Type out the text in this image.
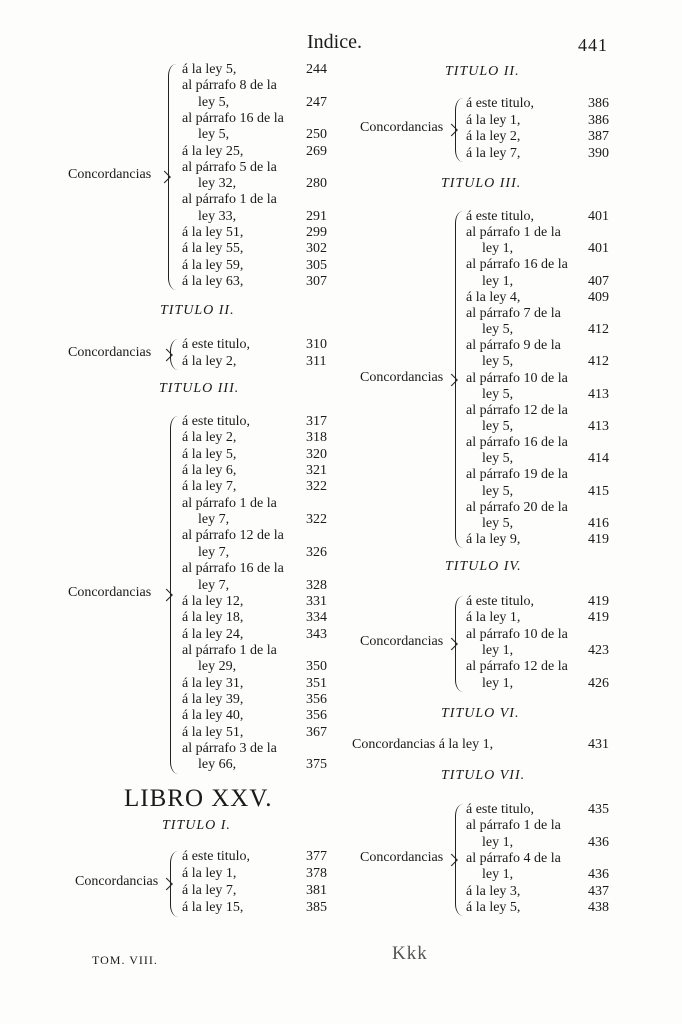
Indice.	441
Concordancias
á la ley 5,	244
al párrafo 8 de la
ley 5,	247
al párrafo 16 de la
ley 5,	250
á la ley 25,	269
al párrafo 5 de la
ley 32,	280
al párrafo 1 de la
ley 33,	291
á la ley 51,	299
á la ley 55,	302
á la ley 59,	305
á la ley 63,	307
TITULO II.
Concordancias á este titulo,	310
á la ley 2,	311
TITULO III.
Concordancias
á este titulo,	317
á la ley 2,	318
á la ley 5,	320
á la ley 6,	321
á la ley 7,	322
al párrafo 1 de la
ley 7,	322
al párrafo 12 de la
ley 7,	326
al párrafo 16 de la
ley 7,	328
á la ley 12,	331
á la ley 18,	334
á la ley 24,	343
al párrafo 1 de la
ley 29,	350
á la ley 31,	351
á la ley 39,	356
á la ley 40,	356
á la ley 51,	367
al párrafo 3 de la
ley 66,	375
LIBRO XXV.
TITULO I.
Concordancias
á este titulo,	377
á la ley 1,	378
á la ley 7,	381
á la ley 15,	385
TITULO II.
Concordancias
á este titulo,	386
á la ley 1,	386
á la ley 2,	387
á la ley 7,	390
TITULO III.
Concordancias
á este titulo,	401
al párrafo 1 de la
ley 1,	401
al párrafo 16 de la
ley 1,	407
á la ley 4,	409
al párrafo 7 de la
ley 5,	412
al párrafo 9 de la
ley 5,	412
al párrafo 10 de la
ley 5,	413
al párrafo 12 de la
ley 5,	413
al párrafo 16 de la
ley 5,	414
al párrafo 19 de la
ley 5,	415
al párrafo 20 de la
ley 5,	416
á la ley 9,	419
TITULO IV.
Concordancias
á este titulo,	419
á la ley 1,	419
al párrafo 10 de la
ley 1,	423
al párrafo 12 de la
ley 1,	426
TITULO VI.
Concordancias á la ley 1,	431
TITULO VII.
Concordancias
á este titulo,	435
al párrafo 1 de la
ley 1,	436
al párrafo 4 de la
ley 1,	436
á la ley 3,	437
á la ley 5,	438
TOM. VIII.	Kkk
